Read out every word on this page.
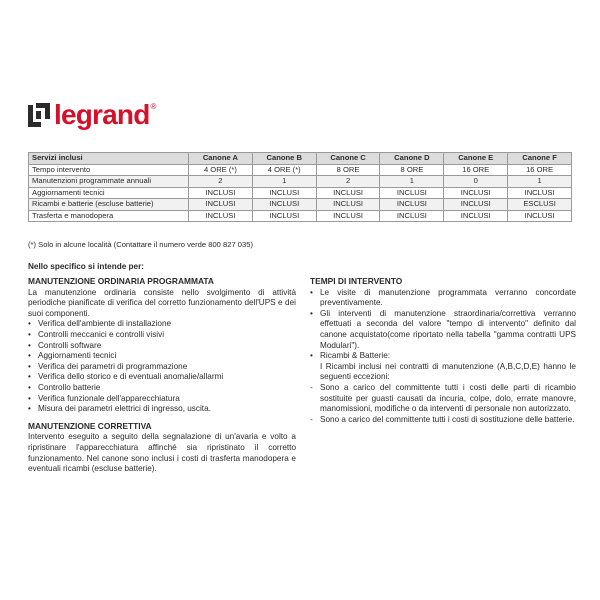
legrand ®
Servizi inclusi	Canone A	Canone B	Canone C	Canone D	Canone E	Canone F
Tempo intervento	4 ORE (*)	4 ORE (*)	8 ORE	8 ORE	16 ORE	16 ORE
Manutenzioni programmate annuali	2	1	2	1	0	1
Aggiornamenti tecnici	INCLUSI	INCLUSI	INCLUSI	INCLUSI	INCLUSI	INCLUSI
Ricambi e batterie (escluse batterie)	INCLUSI	INCLUSI	INCLUSI	INCLUSI	INCLUSI	ESCLUSI
Trasferta e manodopera	INCLUSI	INCLUSI	INCLUSI	INCLUSI	INCLUSI	INCLUSI
(*) Solo in alcune località (Contattare il numero verde 800 827 035)
Nello specifico si intende per:
MANUTENZIONE ORDINARIA PROGRAMMATA

La manutenzione ordinaria consiste nello svolgimento di attività periodiche pianificate di verifica del corretto funzionamento dell'UPS e dei suoi componenti.

• Verifica dell'ambiente di installazione
• Controlli meccanici e controlli visivi
• Controlli software
• Aggiornamenti tecnici
• Verifica dei parametri di programmazione
• Verifica dello storico e di eventuali anomalie/allarmi
• Controllo batterie
• Verifica funzionale dell'apparecchiatura
• Misura dei parametri elettrici di ingresso, uscita.
MANUTENZIONE CORRETTIVA

Intervento eseguito a seguito della segnalazione di un'avaria e volto a ripristinare l'apparecchiatura affinché sia ripristinato il corretto funzionamento. Nel canone sono inclusi i costi di trasferta manodopera e eventuali ricambi (escluse batterie).

TEMPI DI INTERVENTO

• Le visite di manutenzione programmata verranno concordate preventivamente.

• Gli interventi di manutenzione straordinaria/correttiva verranno effettuati a seconda del valore "tempo di intervento" definito dal canone acquistato(come riportato nella tabella "gamma contratti UPS Modulari").

• Ricambi & Batterie:

I Ricambi inclusi nei contratti di manutenzione (A,B,C,D,E) hanno le seguenti eccezioni:

- Sono a carico del committente tutti i costi delle parti di ricambio sostituite per guasti causati da incuria, colpe, dolo, errate manovre, manomissioni, modifiche o da interventi di personale non autorizzato.

- Sono a carico del committente tutti i costi di sostituzione delle batterie.
